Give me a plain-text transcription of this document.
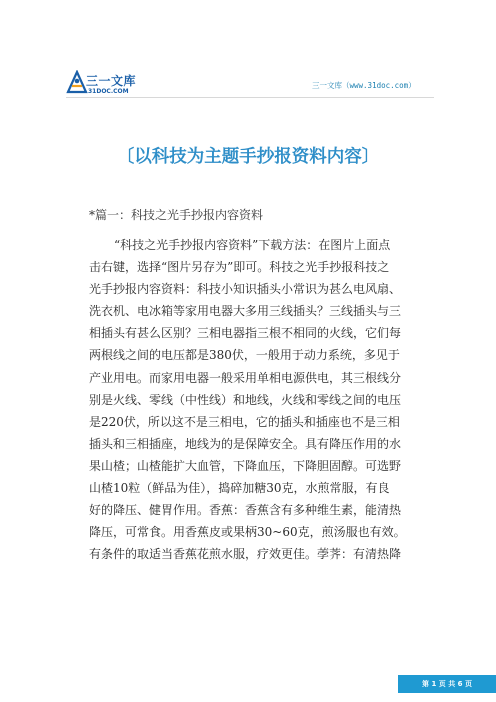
三一文库
31DOC.COM
三一文库（www.31doc.com）
〔以科技为主题手抄报资料内容〕
*篇一：科技之光手抄报内容资料
“科技之光手抄报内容资料”下载方法：在图片上面点
击右键，选择“图片另存为”即可。科技之光手抄报科技之
光手抄报内容资料：科技小知识插头小常识为甚么电风扇、
洗衣机、电冰箱等家用电器大多用三线插头？三线插头与三
相插头有甚么区别？三相电器指三根不相同的火线，它们每
两根线之间的电压都是380伏，一般用于动力系统，多见于
产业用电。而家用电器一般采用单相电源供电，其三根线分
别是火线、零线（中性线）和地线，火线和零线之间的电压
是220伏，所以这不是三相电，它的插头和插座也不是三相
插头和三相插座，地线为的是保障安全。具有降压作用的水
果山楂；山楂能扩大血管，下降血压，下降胆固醇。可选野
山楂10粒（鲜品为佳），捣碎加糖30克，水煎常服，有良
好的降压、健胃作用。香蕉：香蕉含有多种维生素，能清热
降压，可常食。用香蕉皮或果柄30~60克，煎汤服也有效。
有条件的取适当香蕉花煎水服，疗效更佳。荸荠：有清热降
第 1 页 共 6 页
